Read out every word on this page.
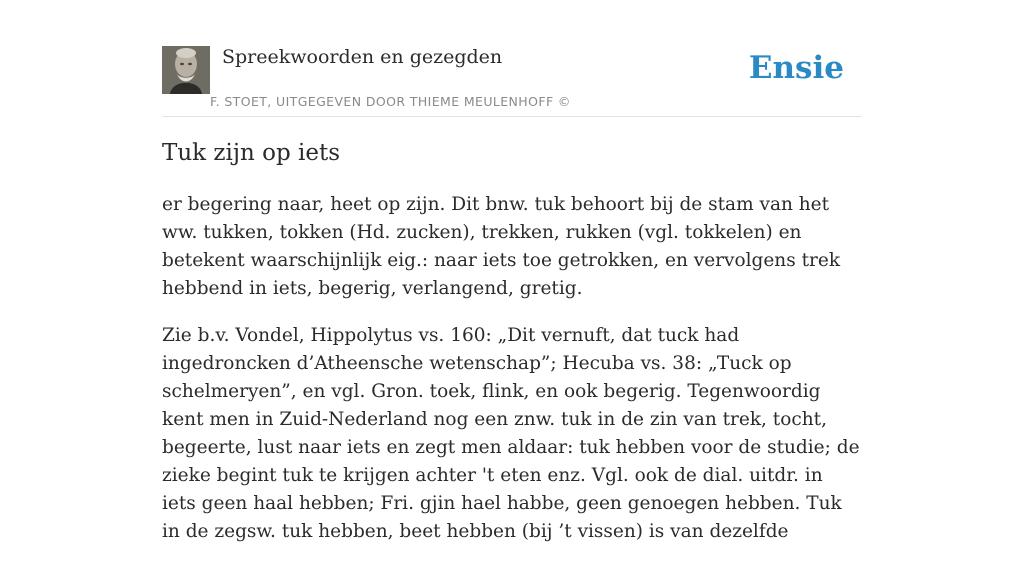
Spreekwoorden en gezegden
F. STOET, UITGEGEVEN DOOR THIEME MEULENHOFF ©
Ensie
Tuk zijn op iets

er begering naar, heet op zijn. Dit bnw. tuk behoort bij de stam van het ww. tukken, tokken (Hd. zucken), trekken, rukken (vgl. tokkelen) en betekent waarschijnlijk eig.: naar iets toe getrokken, en vervolgens trek hebbend in iets, begerig, verlangend, gretig.

Zie b.v. Vondel, Hippolytus vs. 160: „Dit vernuft, dat tuck had ingedroncken d’Atheensche wetenschap”; Hecuba vs. 38: „Tuck op schelmeryen”, en vgl. Gron. toek, flink, en ook begerig. Tegenwoordig kent men in Zuid-Nederland nog een znw. tuk in de zin van trek, tocht, begeerte, lust naar iets en zegt men aldaar: tuk hebben voor de studie; de zieke begint tuk te krijgen achter 't eten enz. Vgl. ook de dial. uitdr. in iets geen haal hebben; Fri. gjin hael habbe, geen genoegen hebben. Tuk in de zegsw. tuk hebben, beet hebben (bij ’t vissen) is van dezelfde
